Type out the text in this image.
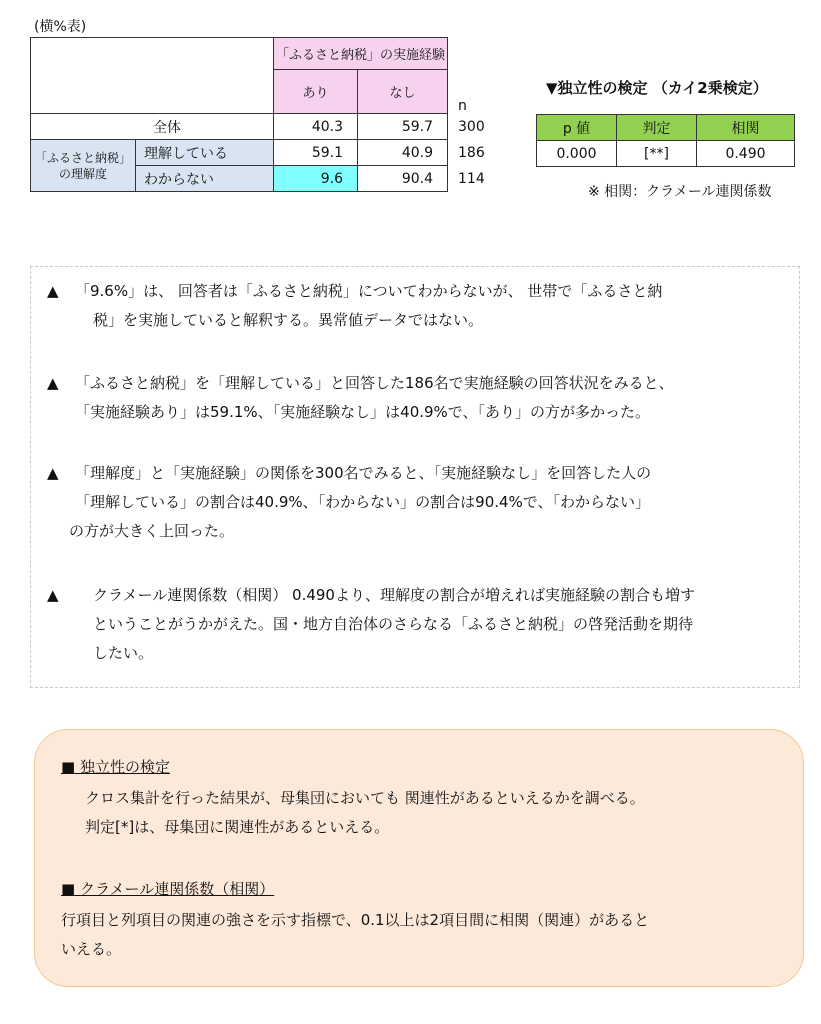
(横%表)
		「ふるさと納税」の実施経験		
		あり	なし	n
全体		40.3	59.7	300

「ふるさと納税」
の理解度	理解している	59.1	40.9	186
	わからない	9.6	90.4	114
▼独立性の検定 （カイ2乗検定）
p 値	判定	相関
0.000	[**]	0.490
※ 相関：クラメール連関係数
▲	「9.6%」は、 回答者は「ふるさと納税」についてわからないが、 世帯で「ふるさと納
税」を実施していると解釈する。異常値データではない。
▲	「ふるさと納税」を「理解している」と回答した186名で実施経験の回答状況をみると、
「実施経験あり」は59.1%、「実施経験なし」は40.9%で、「あり」の方が多かった。
▲	「理解度」と「実施経験」の関係を300名でみると、「実施経験なし」を回答した人の
「理解している」の割合は40.9%、「わからない」の割合は90.4%で、「わからない」
の方が大きく上回った。
▲	クラメール連関係数（相関） 0.490より、理解度の割合が増えれば実施経験の割合も増す
ということがうかがえた。国・地方自治体のさらなる「ふるさと納税」の啓発活動を期待
したい。
■ 独立性の検定
クロス集計を行った結果が、母集団においても 関連性があるといえるかを調べる。
判定[*]は、母集団に関連性があるといえる。
■ クラメール連関係数（相関）
行項目と列項目の関連の強さを示す指標で、0.1以上は2項目間に相関（関連）があると
いえる。
